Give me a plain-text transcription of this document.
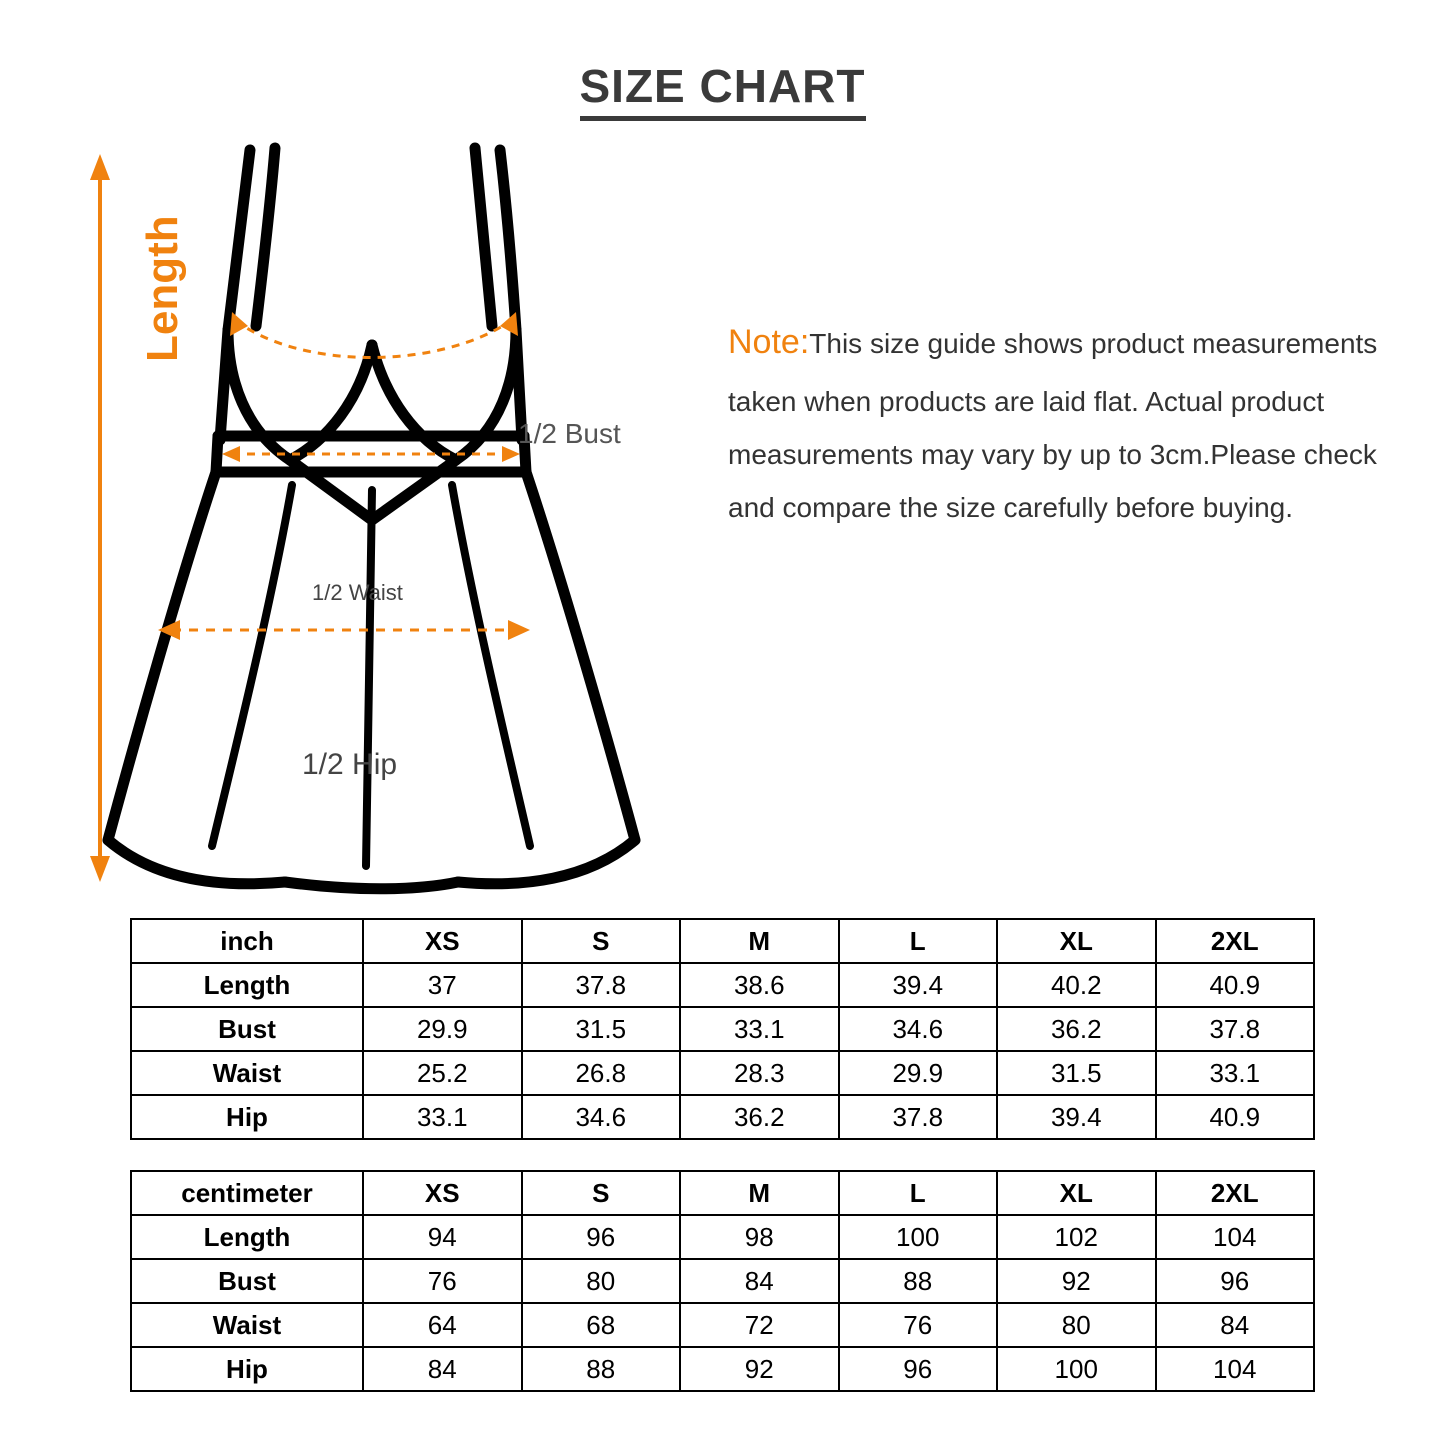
SIZE CHART
Length
1/2 Bust
1/2 Waist
1/2 Hip
Note:This size guide shows product measurements taken when products are laid flat. Actual product measurements may vary by up to 3cm.Please check and compare the size carefully before buying.
inch	XS	S	M	L	XL	2XL
Length	37	37.8	38.6	39.4	40.2	40.9
Bust	29.9	31.5	33.1	34.6	36.2	37.8
Waist	25.2	26.8	28.3	29.9	31.5	33.1
Hip	33.1	34.6	36.2	37.8	39.4	40.9
centimeter	XS	S	M	L	XL	2XL
Length	94	96	98	100	102	104
Bust	76	80	84	88	92	96
Waist	64	68	72	76	80	84
Hip	84	88	92	96	100	104
